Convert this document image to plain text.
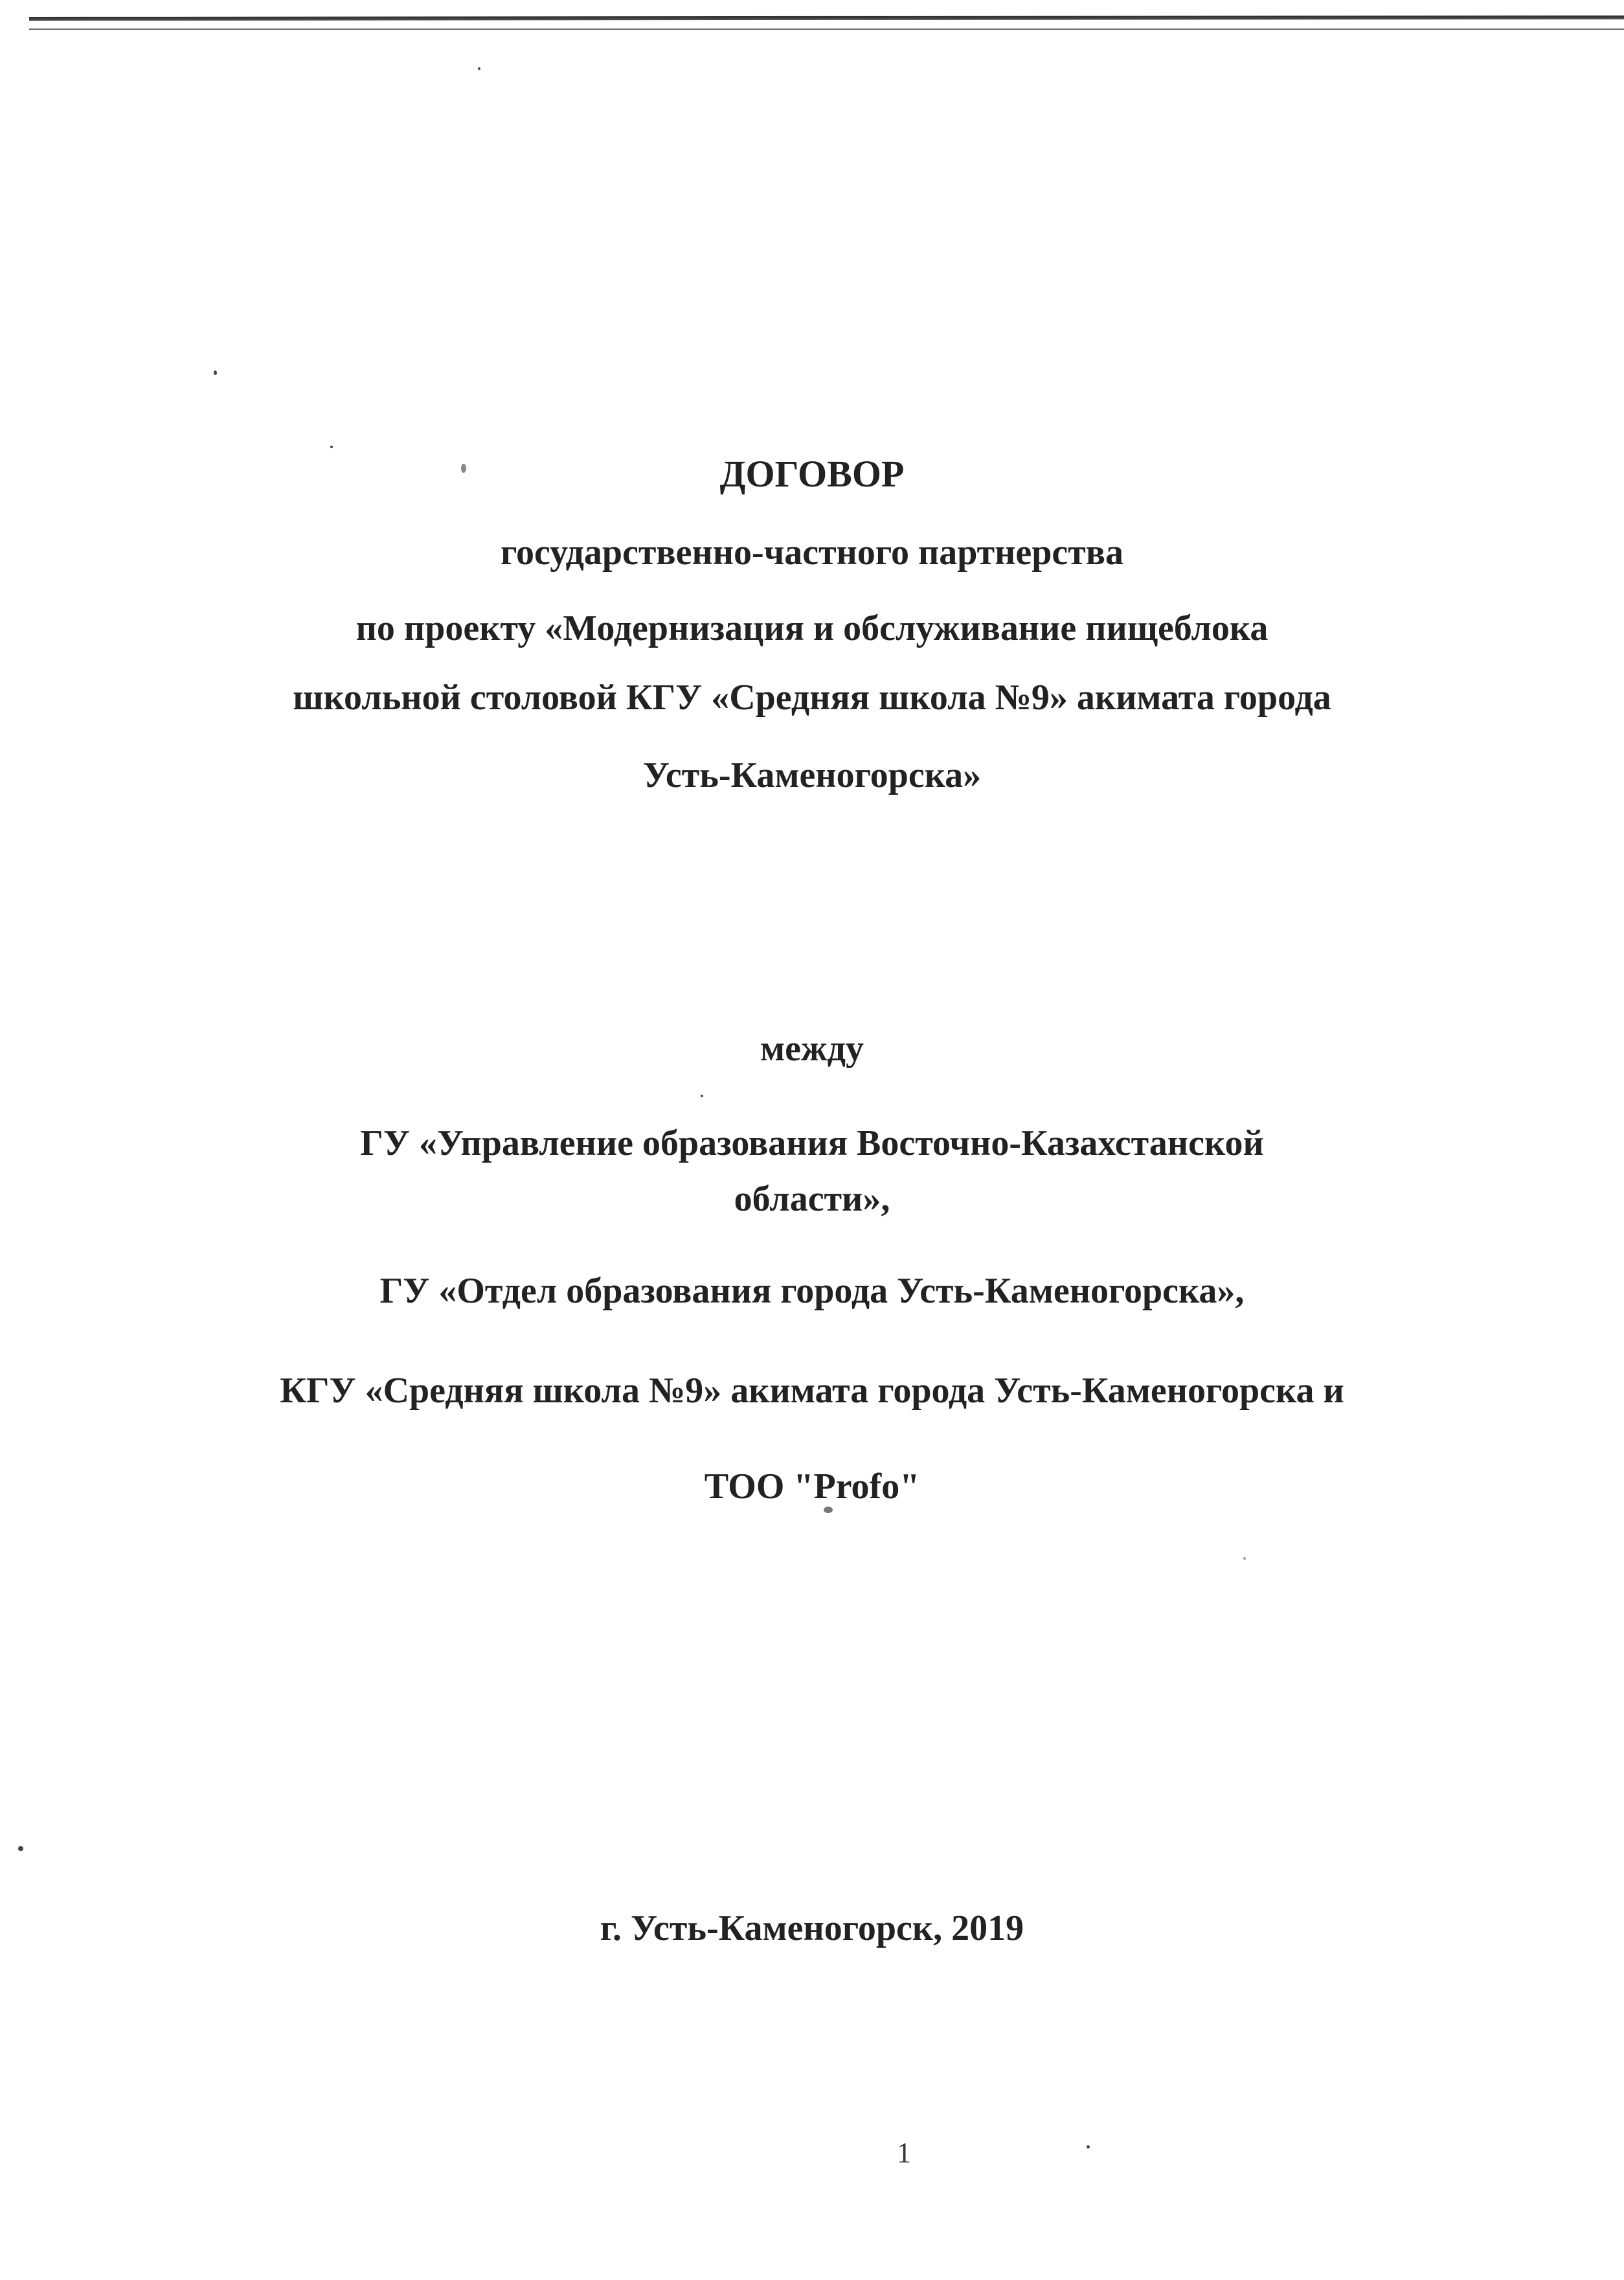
ДОГОВОР
государственно-частного партнерства
по проекту «Модернизация и обслуживание пищеблока
школьной столовой КГУ «Средняя школа №9» акимата города
Усть-Каменогорска»
между
ГУ «Управление образования Восточно-Казахстанской
области»,
ГУ «Отдел образования города Усть-Каменогорска»,
КГУ «Средняя школа №9» акимата города Усть-Каменогорска и
ТОО "Profo"
г. Усть-Каменогорск, 2019
1
